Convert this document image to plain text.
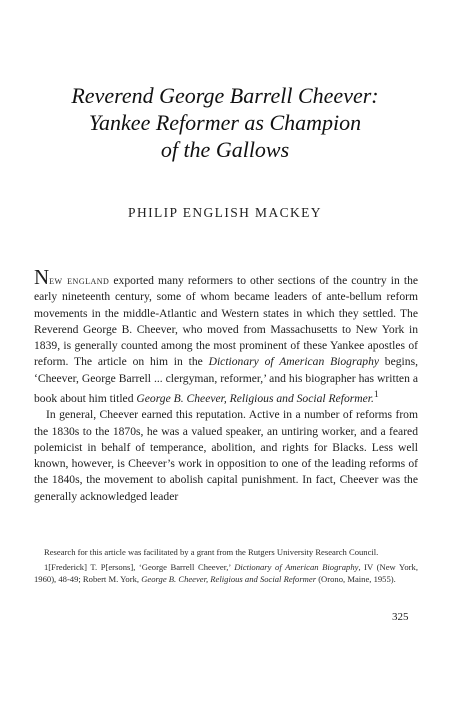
Reverend George Barrell Cheever:
Yankee Reformer as Champion
of the Gallows
PHILIP ENGLISH MACKEY

New england exported many reformers to other sections of the country in the early nineteenth century, some of whom became leaders of ante-bellum reform movements in the middle-Atlantic and Western states in which they settled. The Reverend George B. Cheever, who moved from Massachusetts to New York in 1839, is generally counted among the most prominent of these Yankee apostles of reform. The article on him in the Dictionary of American Biography begins, ‘Cheever, George Barrell ... clergyman, reformer,’ and his biographer has written a book about him titled George B. Cheever, Religious and Social Reformer.$^1$

In general, Cheever earned this reputation. Active in a number of reforms from the 1830s to the 1870s, he was a valued speaker, an untiring worker, and a feared polemicist in behalf of temperance, abolition, and rights for Blacks. Less well known, however, is Cheever’s work in opposition to one of the leading reforms of the 1840s, the movement to abolish capital punishment. In fact, Cheever was the generally acknowledged leader

Research for this article was facilitated by a grant from the Rutgers University Research Council.

1[Frederick] T. P[ersons], ‘George Barrell Cheever,’ Dictionary of American Biography, IV (New York, 1960), 48-49; Robert M. York, George B. Cheever, Religious and Social Reformer (Orono, Maine, 1955).

325
